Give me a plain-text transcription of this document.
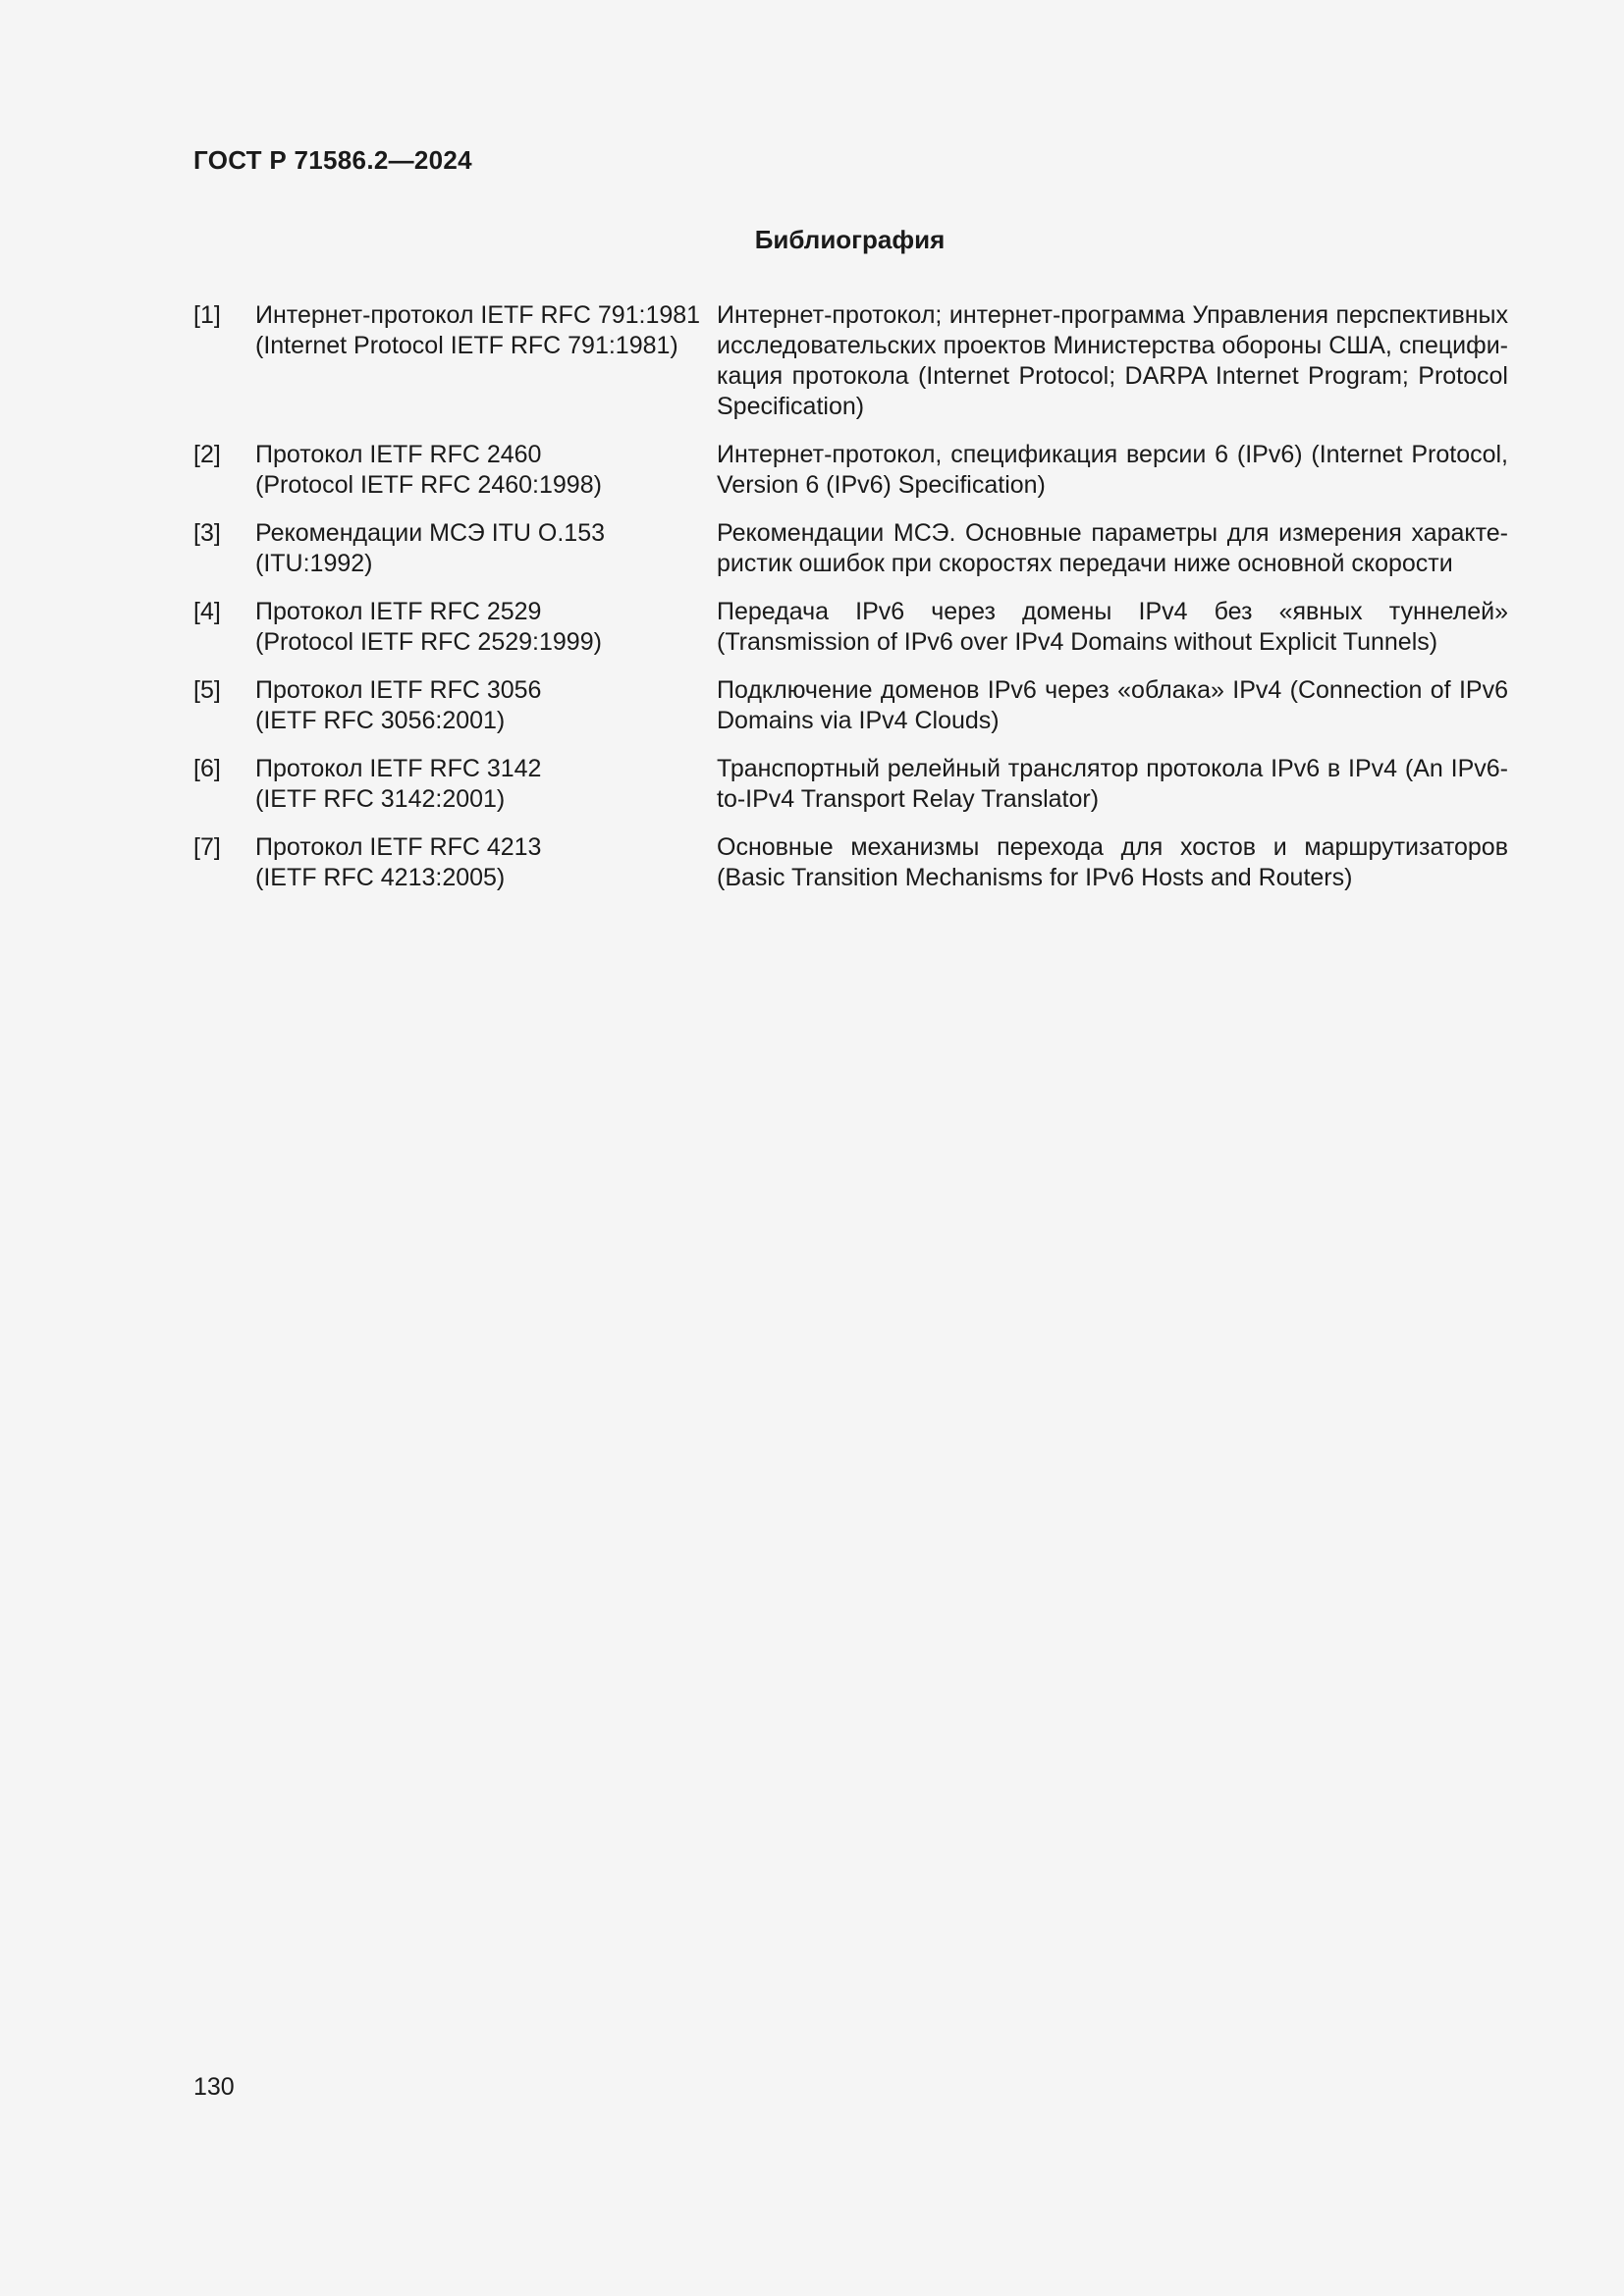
ГОСТ Р 71586.2—2024
Библиография
[1]	Интернет-протокол IETF RFC 791:1981
(Internet Protocol IETF RFC 791:1981)
Интернет-протокол; интернет-программа Управления перспективных исследовательских проектов Министерства обороны США, спецификация протокола (Internet Protocol; DARPA Internet Program; Protocol Specification)
[2]	Протокол IETF RFC 2460
(Protocol IETF RFC 2460:1998)
Интернет-протокол, спецификация версии 6 (IPv6) (Internet Protocol, Version 6 (IPv6) Specification)
[3]	Рекомендации МСЭ ITU O.153
(ITU:1992)
Рекомендации МСЭ. Основные параметры для измерения характеристик ошибок при скоростях передачи ниже основной скорости
[4]	Протокол IETF RFC 2529
(Protocol IETF RFC 2529:1999)
Передача IPv6 через домены IPv4 без «явных туннелей» (Transmission of IPv6 over IPv4 Domains without Explicit Tunnels)
[5]	Протокол IETF RFC 3056
(IETF RFC 3056:2001)
Подключение доменов IPv6 через «облака» IPv4 (Connection of IPv6 Domains via IPv4 Clouds)
[6]	Протокол IETF RFC 3142
(IETF RFC 3142:2001)
Транспортный релейный транслятор протокола IPv6 в IPv4 (An IPv6-to-IPv4 Transport Relay Translator)
[7]	Протокол IETF RFC 4213
(IETF RFC 4213:2005)
Основные механизмы перехода для хостов и маршрутизаторов (Basic Transition Mechanisms for IPv6 Hosts and Routers)
130
